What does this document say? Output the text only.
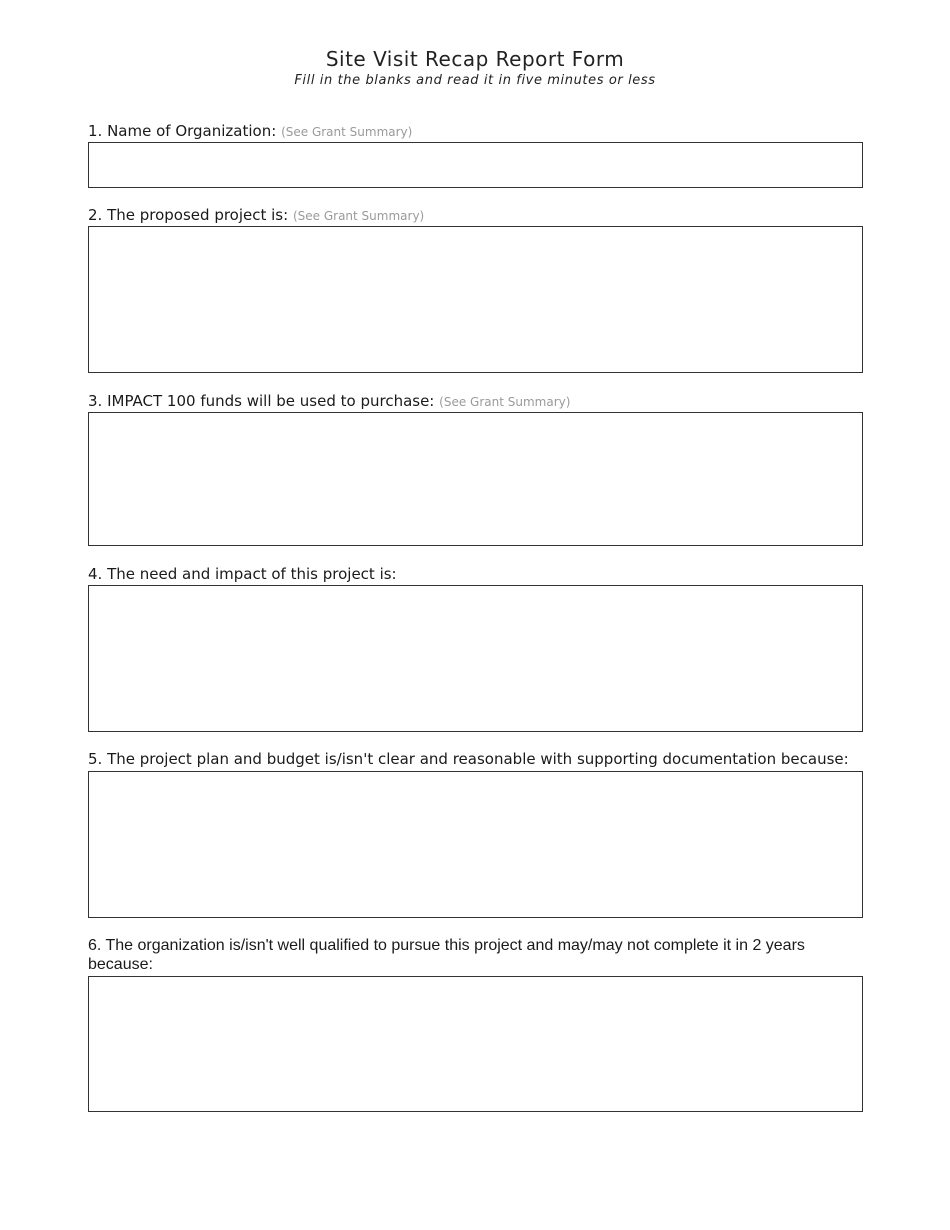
Site Visit Recap Report Form
Fill in the blanks and read it in five minutes or less
1. Name of Organization: (See Grant Summary)
2. The proposed project is: (See Grant Summary)
3. IMPACT 100 funds will be used to purchase: (See Grant Summary)
4. The need and impact of this project is:
5. The project plan and budget is/isn't clear and reasonable with supporting documentation because:
6. The organization is/isn't well qualified to pursue this project and may/may not complete it in 2 years because:
